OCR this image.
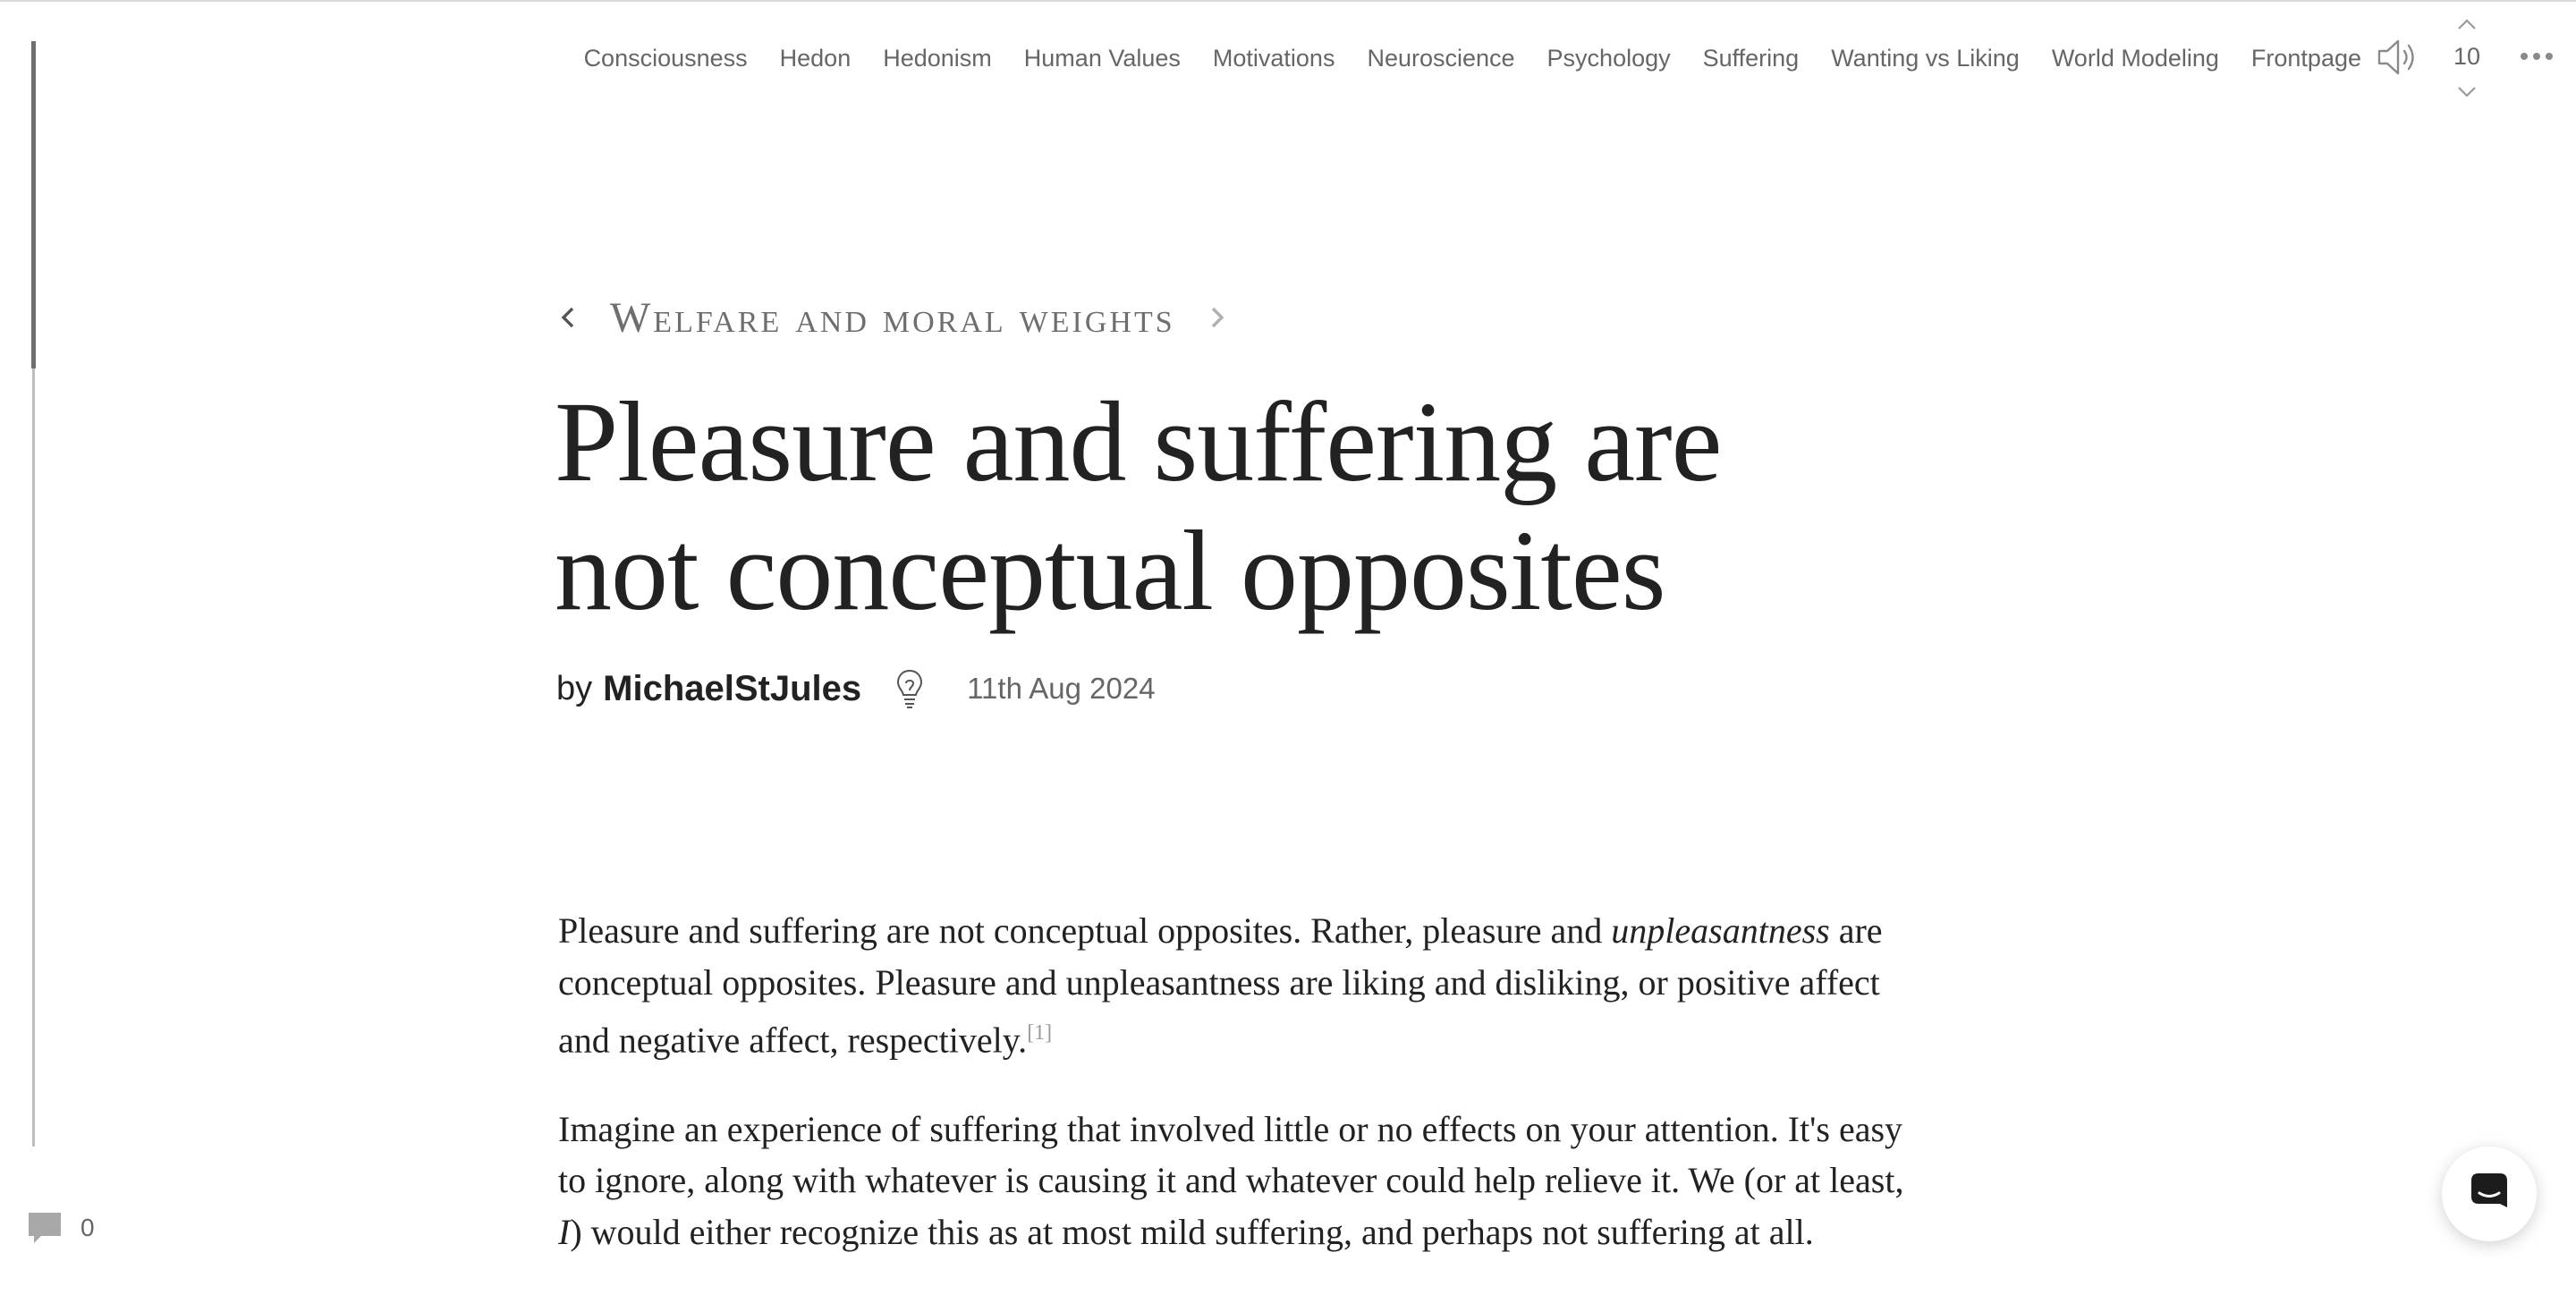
Consciousness Hedon Hedonism Human Values Motivations Neuroscience Psychology Suffering Wanting vs Liking World Modeling Frontpage	10
Welfare and moral weights
Pleasure and suffering are not conceptual opposites
by MichaelStJules	11th Aug 2024

Pleasure and suffering are not conceptual opposites. Rather, pleasure and unpleasantness are conceptual opposites. Pleasure and unpleasantness are liking and disliking, or positive affect and negative affect, respectively.[1]

Imagine an experience of suffering that involved little or no effects on your attention. It's easy to ignore, along with whatever is causing it and whatever could help relieve it. We (or at least, I) would either recognize this as at most mild suffering, and perhaps not suffering at all.

0
